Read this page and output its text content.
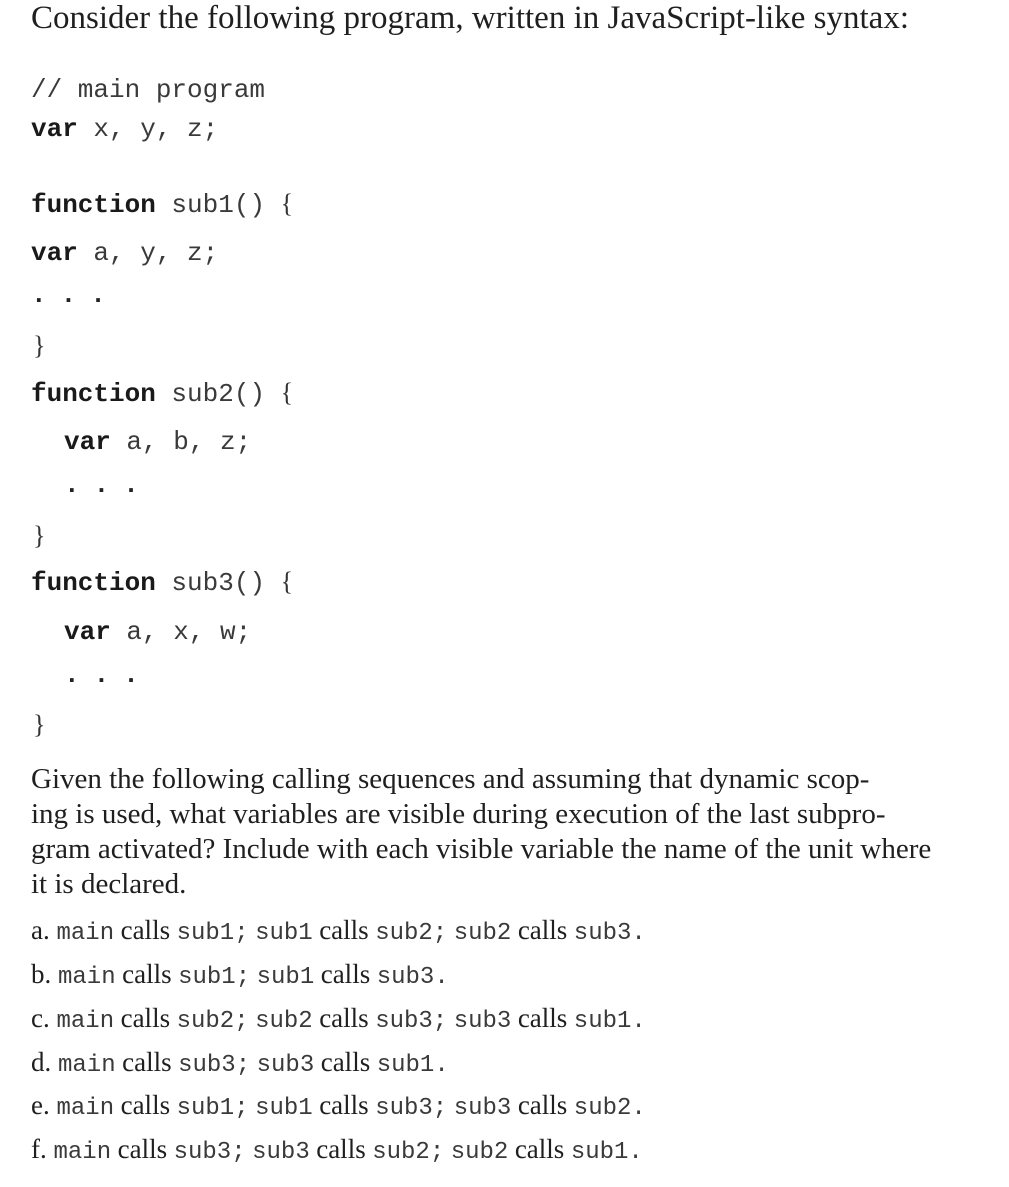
Consider the following program, written in JavaScript-like syntax:

// main program

var x, y, z;

function sub1() {

var a, y, z;

...

}

function sub2() {

var a, b, z;

...

}

function sub3() {

var a, x, w;

...

}

Given the following calling sequences and assuming that dynamic scop-
ing is used, what variables are visible during execution of the last subpro-
gram activated? Include with each visible variable the name of the unit where it is declared.

a. main calls sub1; sub1 calls sub2; sub2 calls sub3.

b. main calls sub1; sub1 calls sub3.

c. main calls sub2; sub2 calls sub3; sub3 calls sub1.

d. main calls sub3; sub3 calls sub1.

e. main calls sub1; sub1 calls sub3; sub3 calls sub2.

f. main calls sub3; sub3 calls sub2; sub2 calls sub1.
